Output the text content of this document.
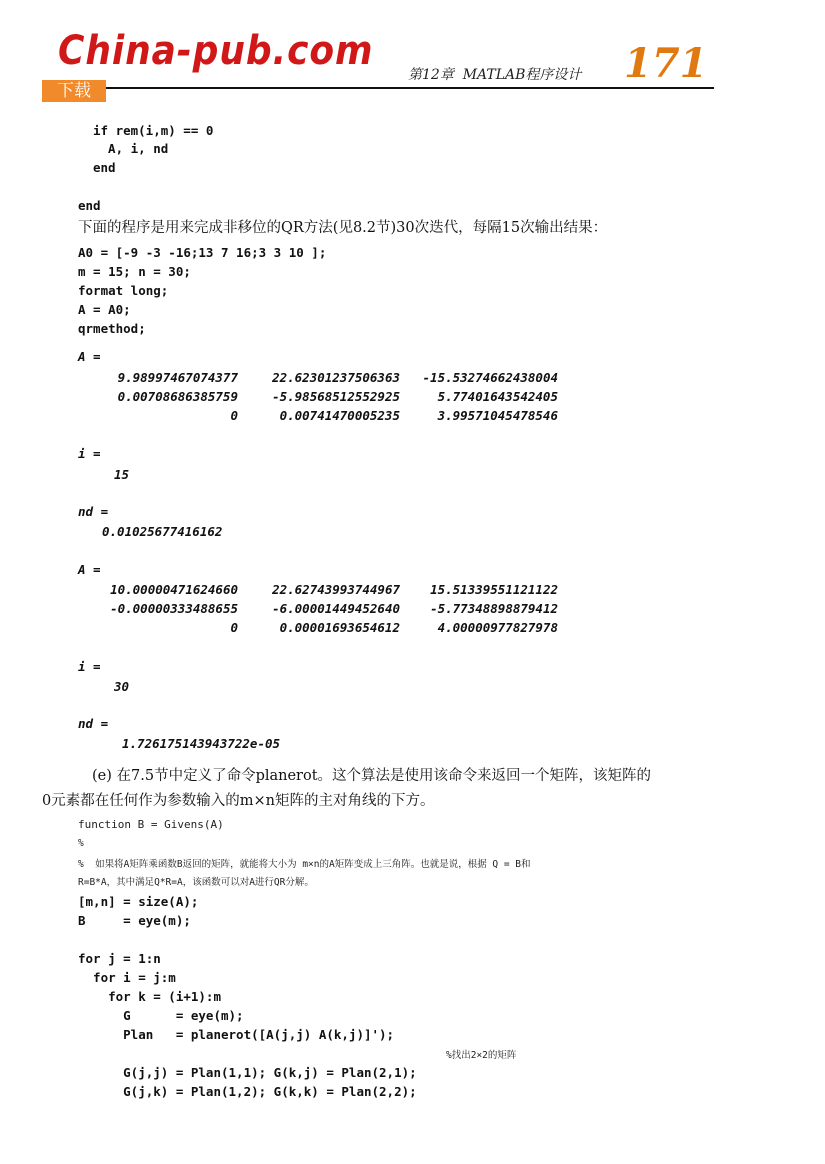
China-pub.com
下载
第12章  MATLAB程序设计 171
if rem(i,m) == 0
A, i, nd
end
end
下面的程序是用来完成非移位的QR方法(见8.2节)30次迭代，每隔15次输出结果：
A0 = [-9 -3 -16;13 7 16;3 3 10 ];
m = 15; n = 30;
format long;
A = A0;
qrmethod;
A =
9.98997467074377	22.62301237506363	-15.53274662438004
0.00708686385759	-5.98568512552925	5.77401643542405
0	0.00741470005235	3.99571045478546
i =
15
nd =
0.01025677416162
A =
10.00000471624660	22.62743993744967	15.51339551121122
-0.00000333488655	-6.00001449452640	-5.77348898879412
0	0.00001693654612	4.00000977827978
i =
30
nd =
1.726175143943722e-05
(e) 在7.5节中定义了命令planerot。这个算法是使用该命令来返回一个矩阵，该矩阵的
0元素都在任何作为参数输入的m×n矩阵的主对角线的下方。
function B = Givens(A)
%
%  如果将A矩阵乘函数B返回的矩阵，就能将大小为 m×n的A矩阵变成上三角阵。也就是说，根据 Q = B和
R=B*A，其中满足Q*R=A，该函数可以对A进行QR分解。
[m,n] = size(A);
B     = eye(m);
for j = 1:n
for i = j:m
for k = (i+1):m
G      = eye(m);
Plan   = planerot([A(j,j) A(k,j)]');
%找出2×2的矩阵
G(j,j) = Plan(1,1); G(k,j) = Plan(2,1);
G(j,k) = Plan(1,2); G(k,k) = Plan(2,2);
